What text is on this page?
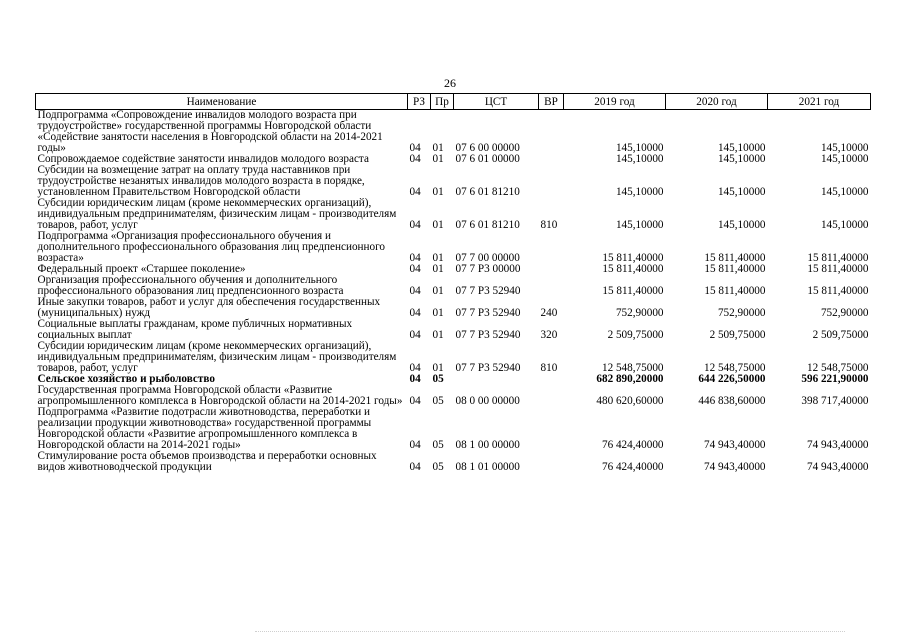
26
Наименование	РЗ	Пр	ЦСТ	ВР	2019 год	2020 год	2021 год
Подпрограмма «Сопровождение инвалидов молодого возраста при трудоустройстве» государственной программы Новгородской области «Содействие занятости населения в Новгородской области на 2014-2021 годы»	04	01	07 6 00 00000		145,10000	145,10000	145,10000
Сопровождаемое содействие занятости инвалидов молодого возраста	04	01	07 6 01 00000		145,10000	145,10000	145,10000
Субсидии на возмещение затрат на оплату труда наставников при трудоустройстве незанятых инвалидов молодого возраста в порядке, установленном Правительством Новгородской области	04	01	07 6 01 81210		145,10000	145,10000	145,10000
Субсидии юридическим лицам (кроме некоммерческих организаций), индивидуальным предпринимателям, физическим лицам - производителям товаров, работ, услуг	04	01	07 6 01 81210	810	145,10000	145,10000	145,10000
Подпрограмма «Организация профессионального обучения и дополнительного профессионального образования лиц предпенсионного возраста»	04	01	07 7 00 00000		15 811,40000	15 811,40000	15 811,40000
Федеральный проект «Старшее поколение»	04	01	07 7 P3 00000		15 811,40000	15 811,40000	15 811,40000
Организация профессионального обучения и дополнительного профессионального образования лиц предпенсионного возраста	04	01	07 7 P3 52940		15 811,40000	15 811,40000	15 811,40000
Иные закупки товаров, работ и услуг для обеспечения государственных (муниципальных) нужд	04	01	07 7 P3 52940	240	752,90000	752,90000	752,90000
Социальные выплаты гражданам, кроме публичных нормативных социальных выплат	04	01	07 7 P3 52940	320	2 509,75000	2 509,75000	2 509,75000
Субсидии юридическим лицам (кроме некоммерческих организаций), индивидуальным предпринимателям, физическим лицам - производителям товаров, работ, услуг	04	01	07 7 P3 52940	810	12 548,75000	12 548,75000	12 548,75000
Сельское хозяйство и рыболовство	04	05			682 890,20000	644 226,50000	596 221,90000
Государственная программа Новгородской области «Развитие агропромышленного комплекса в Новгородской области на 2014-2021 годы»	04	05	08 0 00 00000		480 620,60000	446 838,60000	398 717,40000
Подпрограмма «Развитие подотрасли животноводства, переработки и реализации продукции животноводства» государственной программы Новгородской области «Развитие агропромышленного комплекса в Новгородской области на 2014-2021 годы»	04	05	08 1 00 00000		76 424,40000	74 943,40000	74 943,40000
Стимулирование роста объемов производства и переработки основных видов животноводческой продукции	04	05	08 1 01 00000		76 424,40000	74 943,40000	74 943,40000
